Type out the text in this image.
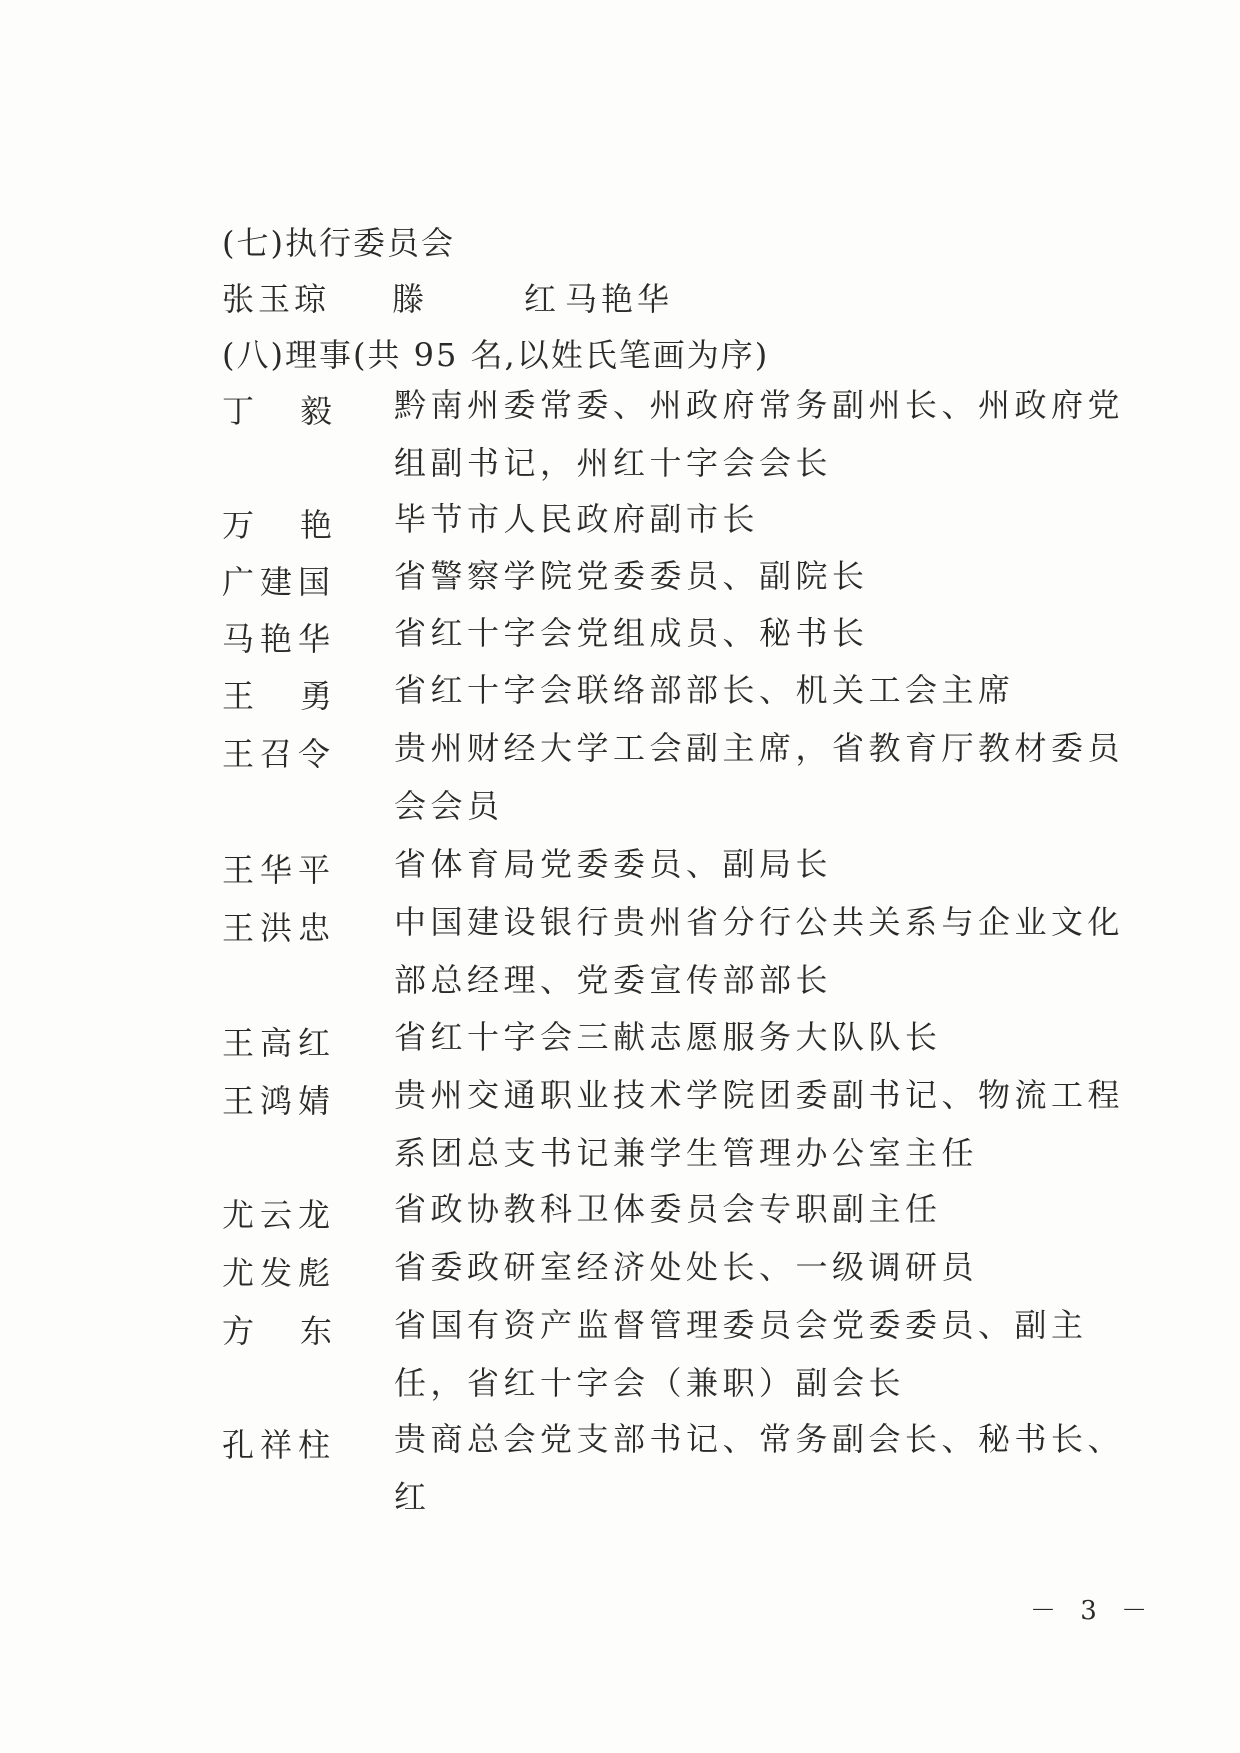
(七)执行委员会
张玉琼 滕　红
马艳华
(八)理事(共 95 名,以姓氏笔画为序)
丁　毅 黔南州委常委、州政府常务副州长、州政府党组副书记，州红十字会会长
万　艳 毕节市人民政府副市长
广建国 省警察学院党委委员、副院长
马艳华 省红十字会党组成员、秘书长
王　勇 省红十字会联络部部长、机关工会主席
王召令 贵州财经大学工会副主席，省教育厅教材委员会会员
王华平 省体育局党委委员、副局长
王洪忠 中国建设银行贵州省分行公共关系与企业文化部总经理、党委宣传部部长
王高红 省红十字会三献志愿服务大队队长
王鸿婧 贵州交通职业技术学院团委副书记、物流工程系团总支书记兼学生管理办公室主任
尤云龙 省政协教科卫体委员会专职副主任
尤发彪 省委政研室经济处处长、一级调研员
方　东 省国有资产监督管理委员会党委委员、副主任，省红十字会（兼职）副会长
孔祥柱 贵商总会党支部书记、常务副会长、秘书长、红
－ 3 －
